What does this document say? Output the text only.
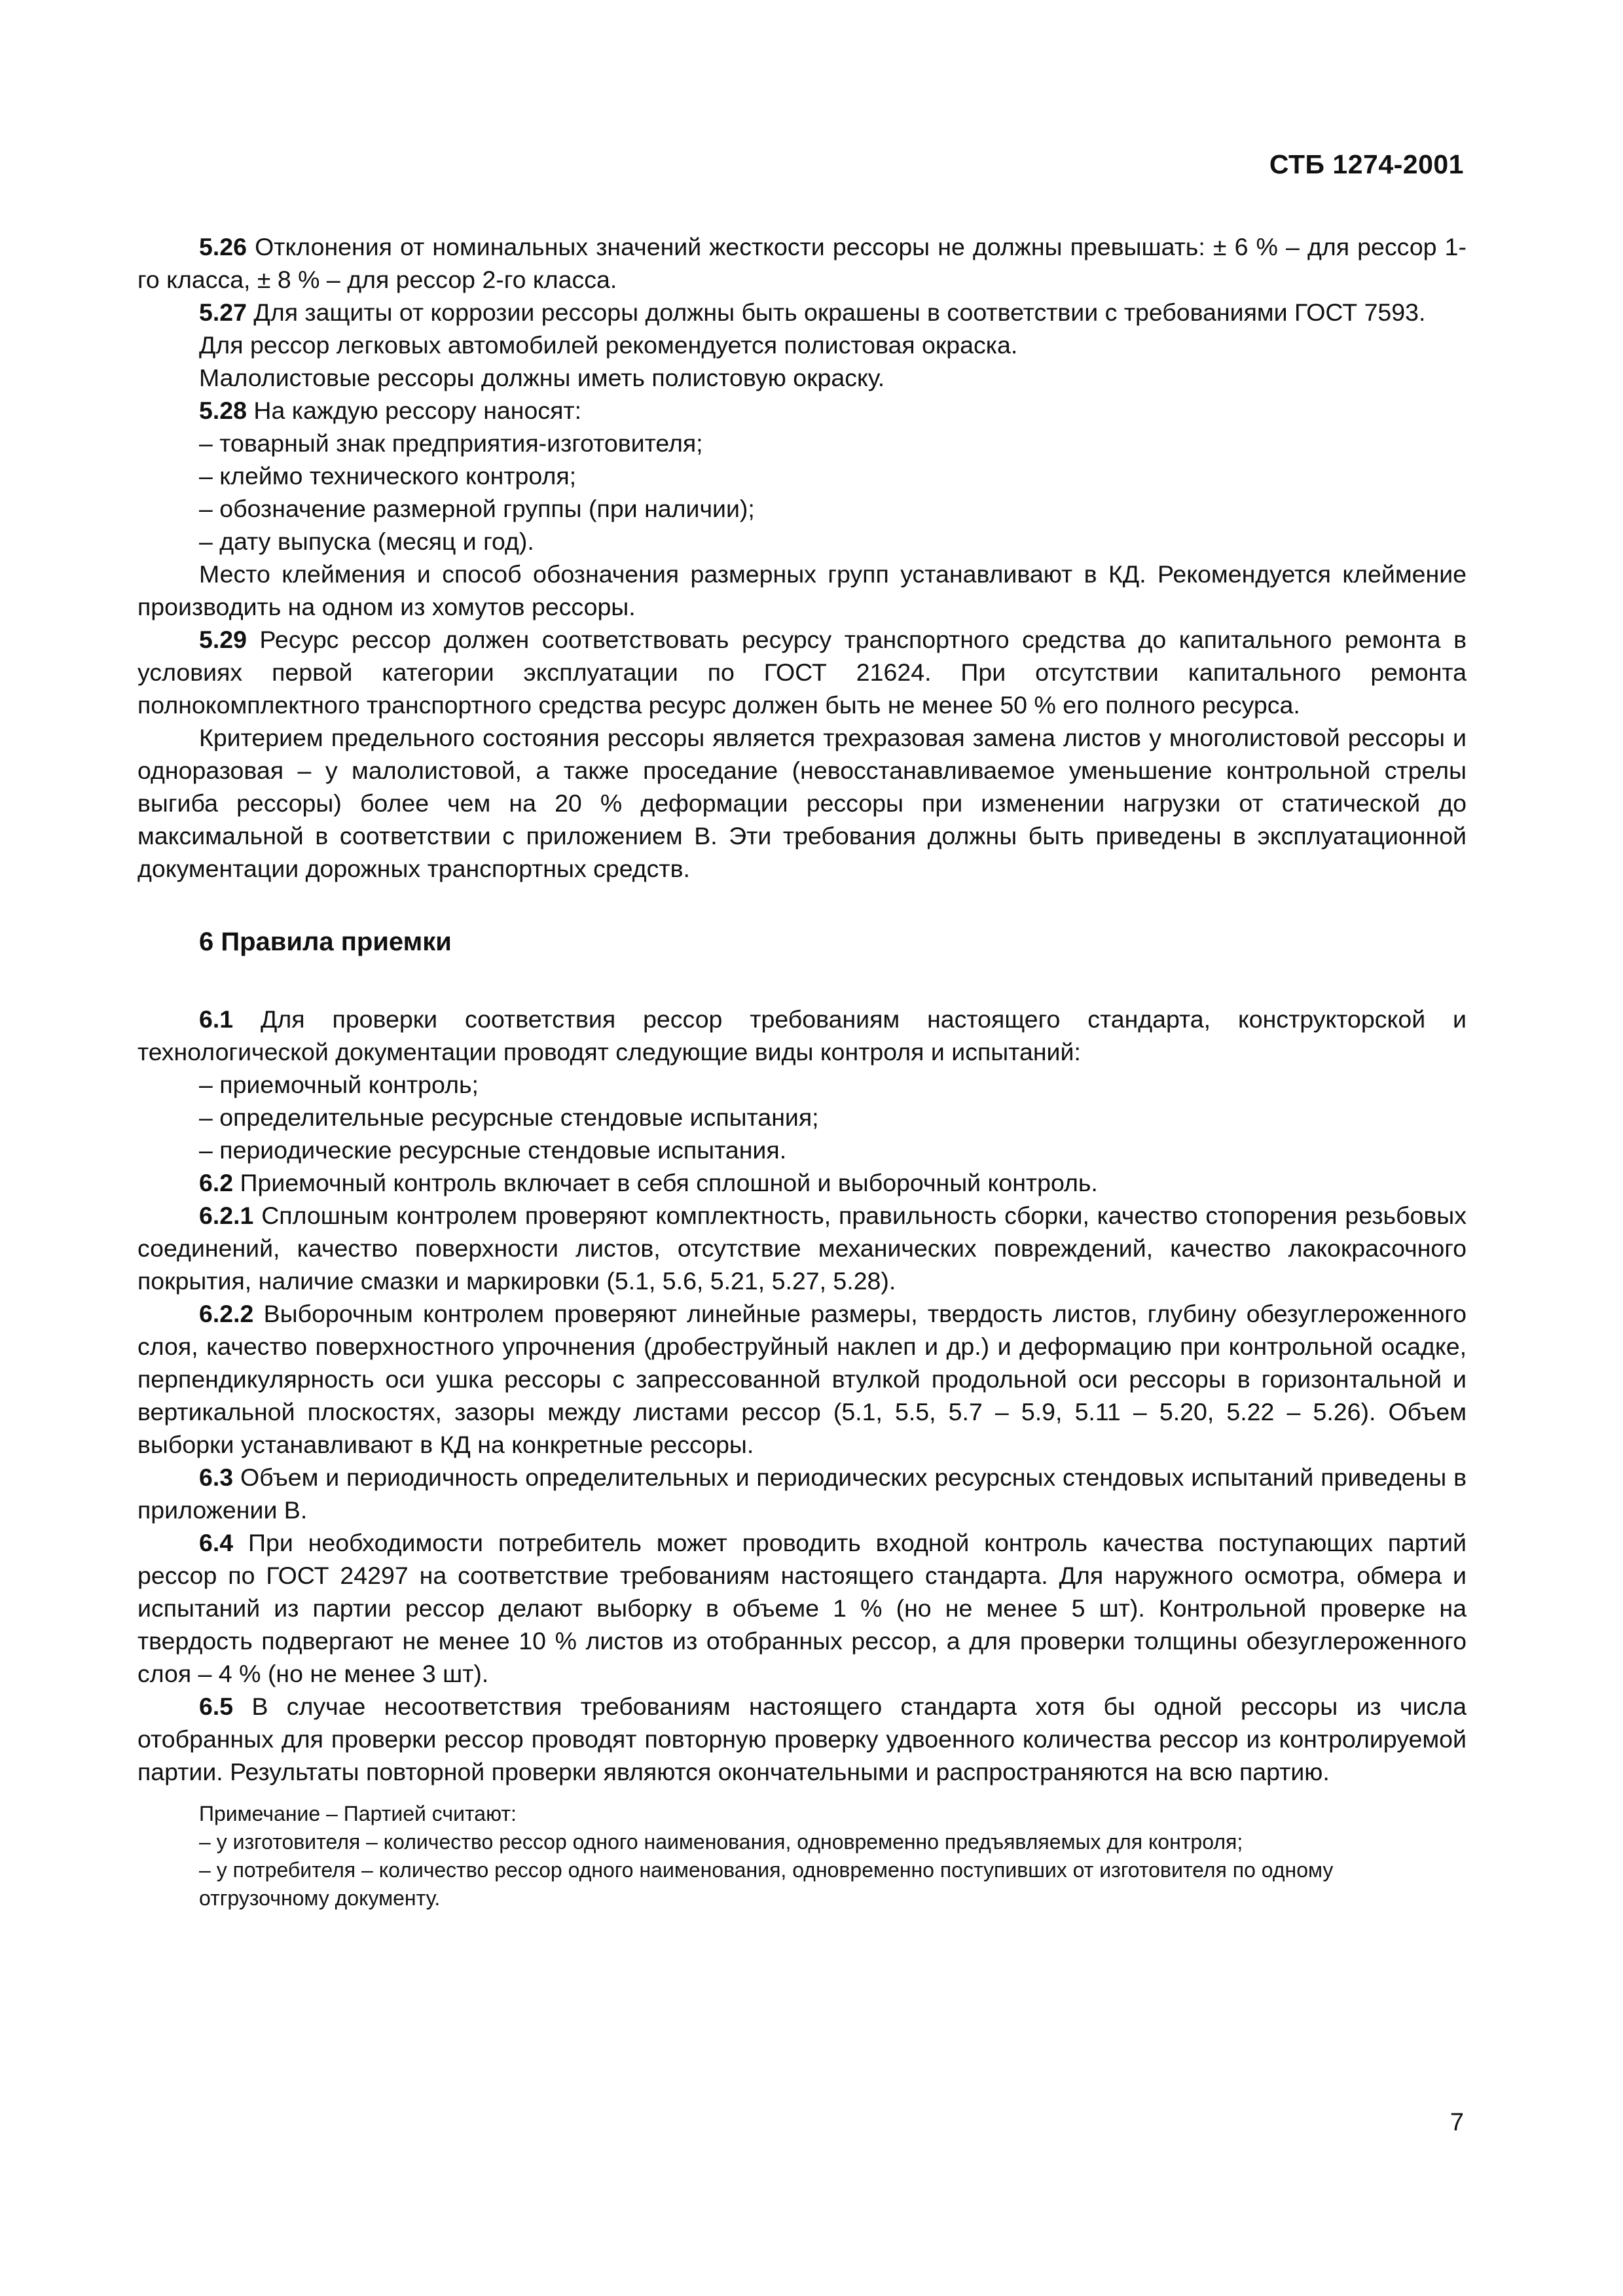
СТБ 1274-2001

5.26 Отклонения от номинальных значений жесткости рессоры не должны превышать: ± 6 % – для рессор 1-го класса, ± 8 % – для рессор 2-го класса.

5.27 Для защиты от коррозии рессоры должны быть окрашены в соответствии с требованиями ГОСТ 7593.

Для рессор легковых автомобилей рекомендуется полистовая окраска.

Малолистовые рессоры должны иметь полистовую окраску.

5.28 На каждую рессору наносят:

– товарный знак предприятия-изготовителя;

– клеймо технического контроля;

– обозначение размерной группы (при наличии);

– дату выпуска (месяц и год).

Место клеймения и способ обозначения размерных групп устанавливают в КД. Рекомендуется клеймение производить на одном из хомутов рессоры.

5.29 Ресурс рессор должен соответствовать ресурсу транспортного средства до капитального ремонта в условиях первой категории эксплуатации по ГОСТ 21624. При отсутствии капитального ремонта полнокомплектного транспортного средства ресурс должен быть не менее 50 % его полного ресурса.

Критерием предельного состояния рессоры является трехразовая замена листов у многолистовой рессоры и одноразовая – у малолистовой, а также проседание (невосстанавливаемое уменьшение контрольной стрелы выгиба рессоры) более чем на 20 % деформации рессоры при изменении нагрузки от статической до максимальной в соответствии с приложением В. Эти требования должны быть приведены в эксплуатационной документации дорожных транспортных средств.

6 Правила приемки

6.1 Для проверки соответствия рессор требованиям настоящего стандарта, конструкторской и технологической документации проводят следующие виды контроля и испытаний:

– приемочный контроль;

– определительные ресурсные стендовые испытания;

– периодические ресурсные стендовые испытания.

6.2 Приемочный контроль включает в себя сплошной и выборочный контроль.

6.2.1 Сплошным контролем проверяют комплектность, правильность сборки, качество стопорения резьбовых соединений, качество поверхности листов, отсутствие механических повреждений, качество лакокрасочного покрытия, наличие смазки и маркировки (5.1, 5.6, 5.21, 5.27, 5.28).

6.2.2 Выборочным контролем проверяют линейные размеры, твердость листов, глубину обезуглероженного слоя, качество поверхностного упрочнения (дробеструйный наклеп и др.) и деформацию при контрольной осадке, перпендикулярность оси ушка рессоры с запрессованной втулкой продольной оси рессоры в горизонтальной и вертикальной плоскостях, зазоры между листами рессор (5.1, 5.5, 5.7 – 5.9, 5.11 – 5.20, 5.22 – 5.26). Объем выборки устанавливают в КД на конкретные рессоры.

6.3 Объем и периодичность определительных и периодических ресурсных стендовых испытаний приведены в приложении В.

6.4 При необходимости потребитель может проводить входной контроль качества поступающих партий рессор по ГОСТ 24297 на соответствие требованиям настоящего стандарта. Для наружного осмотра, обмера и испытаний из партии рессор делают выборку в объеме 1 % (но не менее 5 шт). Контрольной проверке на твердость подвергают не менее 10 % листов из отобранных рессор, а для проверки толщины обезуглероженного слоя – 4 % (но не менее 3 шт).

6.5 В случае несоответствия требованиям настоящего стандарта хотя бы одной рессоры из числа отобранных для проверки рессор проводят повторную проверку удвоенного количества рессор из контролируемой партии. Результаты повторной проверки являются окончательными и распространяются на всю партию.

Примечание – Партией считают:
– у изготовителя – количество рессор одного наименования, одновременно предъявляемых для контроля;
– у потребителя – количество рессор одного наименования, одновременно поступивших от изготовителя по одному отгрузочному документу.
7
